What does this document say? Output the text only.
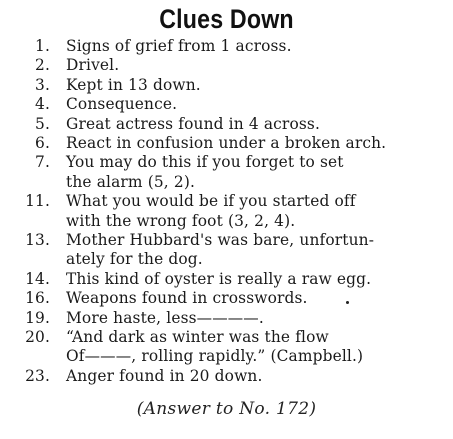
Clues Down
1. Signs of grief from 1 across.
2. Drivel.
3. Kept in 13 down.
4. Consequence.
5. Great actress found in 4 across.
6. React in confusion under a broken arch.
7. You may do this if you forget to set
the alarm (5, 2).
11. What you would be if you started off
with the wrong foot (3, 2, 4).
13. Mother Hubbard's was bare, unfortun-
ately for the dog.
14. This kind of oyster is really a raw egg.
16. Weapons found in crosswords.
19. More haste, less————.
20. “And dark as winter was the flow
Of———, rolling rapidly.” (Campbell.)
23. Anger found in 20 down.
(Answer to No. 172)
